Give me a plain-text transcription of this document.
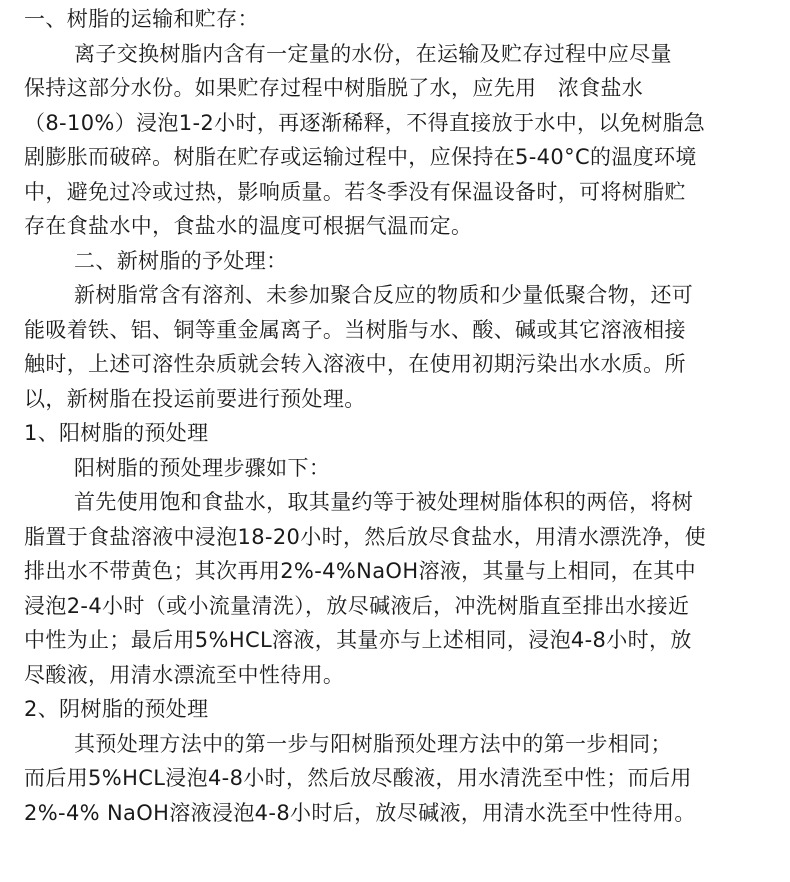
一、树脂的运输和贮存：
离子交换树脂内含有一定量的水份，在运输及贮存过程中应尽量
保持这部分水份。如果贮存过程中树脂脱了水，应先用　浓食盐水
（8-10%）浸泡1-2小时，再逐渐稀释，不得直接放于水中，以免树脂急
剧膨胀而破碎。树脂在贮存或运输过程中，应保持在5-40°C的温度环境
中，避免过冷或过热，影响质量。若冬季没有保温设备时，可将树脂贮
存在食盐水中，食盐水的温度可根据气温而定。
二、新树脂的予处理：
新树脂常含有溶剂、未参加聚合反应的物质和少量低聚合物，还可
能吸着铁、铝、铜等重金属离子。当树脂与水、酸、碱或其它溶液相接
触时，上述可溶性杂质就会转入溶液中，在使用初期污染出水水质。所
以，新树脂在投运前要进行预处理。
1、阳树脂的预处理
阳树脂的预处理步骤如下：
首先使用饱和食盐水，取其量约等于被处理树脂体积的两倍，将树
脂置于食盐溶液中浸泡18-20小时，然后放尽食盐水，用清水漂洗净，使
排出水不带黄色；其次再用2%-4%NaOH溶液，其量与上相同，在其中
浸泡2-4小时（或小流量清洗），放尽碱液后，冲洗树脂直至排出水接近
中性为止；最后用5%HCL溶液，其量亦与上述相同，浸泡4-8小时，放
尽酸液，用清水漂流至中性待用。
2、阴树脂的预处理
其预处理方法中的第一步与阳树脂预处理方法中的第一步相同；
而后用5%HCL浸泡4-8小时，然后放尽酸液，用水清洗至中性；而后用
2%-4% NaOH溶液浸泡4-8小时后，放尽碱液，用清水洗至中性待用。
